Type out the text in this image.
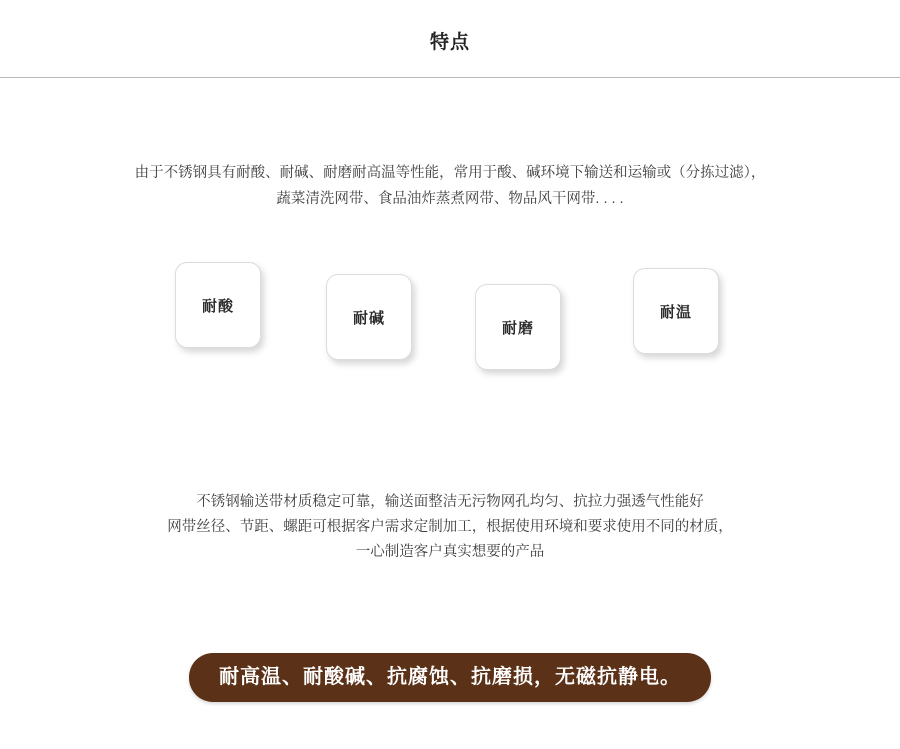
特点
由于不锈钢具有耐酸、耐碱、耐磨耐高温等性能，常用于酸、碱环境下输送和运输或（分拣过滤），
蔬菜清洗网带、食品油炸蒸煮网带、物品风干网带. . . .
耐酸
耐碱
耐磨
耐温
不锈钢输送带材质稳定可靠，输送面整洁无污物网孔均匀、抗拉力强透气性能好
网带丝径、节距、螺距可根据客户需求定制加工，根据使用环境和要求使用不同的材质，
一心制造客户真实想要的产品
耐高温、耐酸碱、抗腐蚀、抗磨损，无磁抗静电。
